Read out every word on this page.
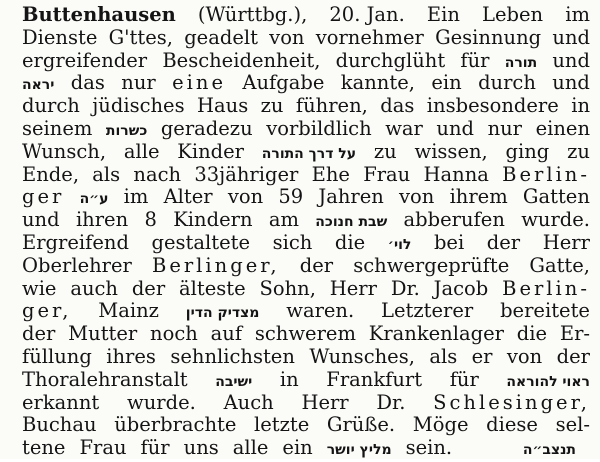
Buttenhausen (Württbg.), 20. Jan. Ein Leben im
Dienste G'ttes, geadelt von vornehmer Gesinnung und
ergreifender Bescheidenheit, durchglüht für תורה und
יראה das nur eine Aufgabe kannte, ein durch und
durch jüdisches Haus zu führen, das insbesondere in
seinem כשרות geradezu vorbildlich war und nur einen
Wunsch, alle Kinder על דרך התורה zu wissen, ging zu
Ende, als nach 33jähriger Ehe Frau Hanna Berlin-
ger ע״ה im Alter von 59 Jahren von ihrem Gatten
und ihren 8 Kindern am שבת חנוכה abberufen wurde.
Ergreifend gestaltete sich die לוי׳ bei der Herr
Oberlehrer Berlinger, der schwergeprüfte Gatte,
wie auch der älteste Sohn, Herr Dr. Jacob Berlin-
ger, Mainz מצדיק הדין waren. Letzterer bereitete
der Mutter noch auf schwerem Krankenlager die Er-
füllung ihres sehnlichsten Wunsches, als er von der
Thoralehranstalt ישיבה in Frankfurt für ראוי להוראה
erkannt wurde. Auch Herr Dr. Schlesinger,
Buchau überbrachte letzte Grüße. Möge diese sel-
tene Frau für uns alle ein מליץ יושר sein.	תנצב״ה
